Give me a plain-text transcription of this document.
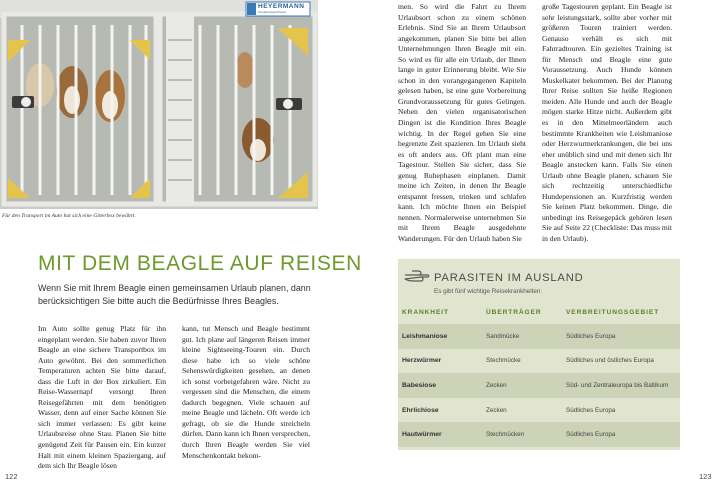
HEYERMANN
hundetransportboxen
Für den Transport im Auto hat sich eine Gitterbox bewährt.
MIT DEM BEAGLE AUF REISEN
Wenn Sie mit Ihrem Beagle einen gemeinsamen Urlaub planen, dann berücksichtigen Sie bitte auch die Bedürfnisse Ihres Beagles.

Im Auto sollte genug Platz für ihn eingeplant werden. Sie haben zuvor Ihren Beagle an eine sichere Transportbox im Auto gewöhnt. Bei den sommerlichen Temperaturen achten Sie bitte darauf, dass die Luft in der Box zirkuliert. Ein Reise-Wassernapf versorgt Ihren Reisegefährten mit dem benötigten Wasser, denn auf einer Sache können Sie sich immer verlassen: Es gibt keine Urlaubsreise ohne Stau. Planen Sie bitte genügend Zeit für Pausen ein. Ein kurzer Halt mit einem kleinen Spaziergang, auf dem sich Ihr Beagle lösen

kann, tut Mensch und Beagle bestimmt gut. Ich plane auf längeren Reisen immer kleine Sightseeing-Touren ein. Durch diese habe ich so viele schöne Sehenswürdigkeiten gesehen, an denen ich sonst vorbeigefahren wäre. Nicht zu vergessen sind die Menschen, die einem dadurch begegnen. Viele schauen auf meine Beagle und lächeln. Oft werde ich gefragt, ob sie die Hunde streicheln dürfen. Dann kann ich Ihnen versprechen, durch Ihren Beagle werden Sie viel Menschenkontakt bekom-

122

men. So wird die Fahrt zu Ihrem Urlaubsort schon zu einem schönen Erlebnis. Sind Sie an Ihrem Urlaubsort angekommen, planen Sie bitte bei allen Unternehmungen Ihren Beagle mit ein. So wird es für alle ein Urlaub, der Ihnen lange in guter Erinnerung bleibt. Wie Sie schon in den vorangegangenen Kapiteln gelesen haben, ist eine gute Vorbereitung Grundvoraussetzung für gutes Gelingen. Neben den vielen organisatorischen Dingen ist die Kondition Ihres Beagle wichtig. In der Regel gehen Sie eine begrenzte Zeit spazieren. Im Urlaub sieht es oft anders aus. Oft plant man eine Tagestour. Stellen Sie sicher, dass Sie genug Ruhephasen einplanen. Damit meine ich Zeiten, in denen Ihr Beagle entspannt fressen, trinken und schlafen kann. Ich möchte Ihnen ein Beispiel nennen. Normalerweise unternehmen Sie mit Ihrem Beagle ausgedehnte Wanderungen. Für den Urlaub haben Sie

große Tagestouren geplant. Ein Beagle ist sehr leistungsstark, sollte aber vorher mit größeren Touren trainiert werden. Genauso verhält es sich mit Fahrradtouren. Ein gezieltes Training ist für Mensch und Beagle eine gute Voraussetzung. Auch Hunde können Muskelkater bekommen. Bei der Planung Ihrer Reise sollten Sie heiße Regionen meiden. Alle Hunde und auch der Beagle mögen starke Hitze nicht. Außerdem gibt es in den Mittelmeerländern auch bestimmte Krankheiten wie Leishmaniose oder Herzwurmerkrankungen, die bei uns eher unüblich sind und mit denen sich Ihr Beagle anstecken kann. Falls Sie einen Urlaub ohne Beagle planen, schauen Sie sich rechtzeitig unterschiedliche Hundepensionen an. Kurzfristig werden Sie keinen Platz bekommen. Dinge, die unbedingt ins Reisegepäck gehören lesen Sie auf Seite 22 (Checkliste: Das muss mit in den Urlaub).

PARASITEN IM AUSLAND
Es gibt fünf wichtige Reisekrankheiten:
KRANKHEIT	ÜBERTRÄGER	VERBREITUNGSGEBIET
Leishmaniose	Sandmücke	Südliches Europa
Herzwürmer	Stechmücke	Südliches und östliches Europa
Babesiose	Zecken	Süd- und Zentraleuropa bis Baltikum
Ehrlichiose	Zecken	Südliches Europa
Hautwürmer	Stechmücken	Südliches Europa
123
